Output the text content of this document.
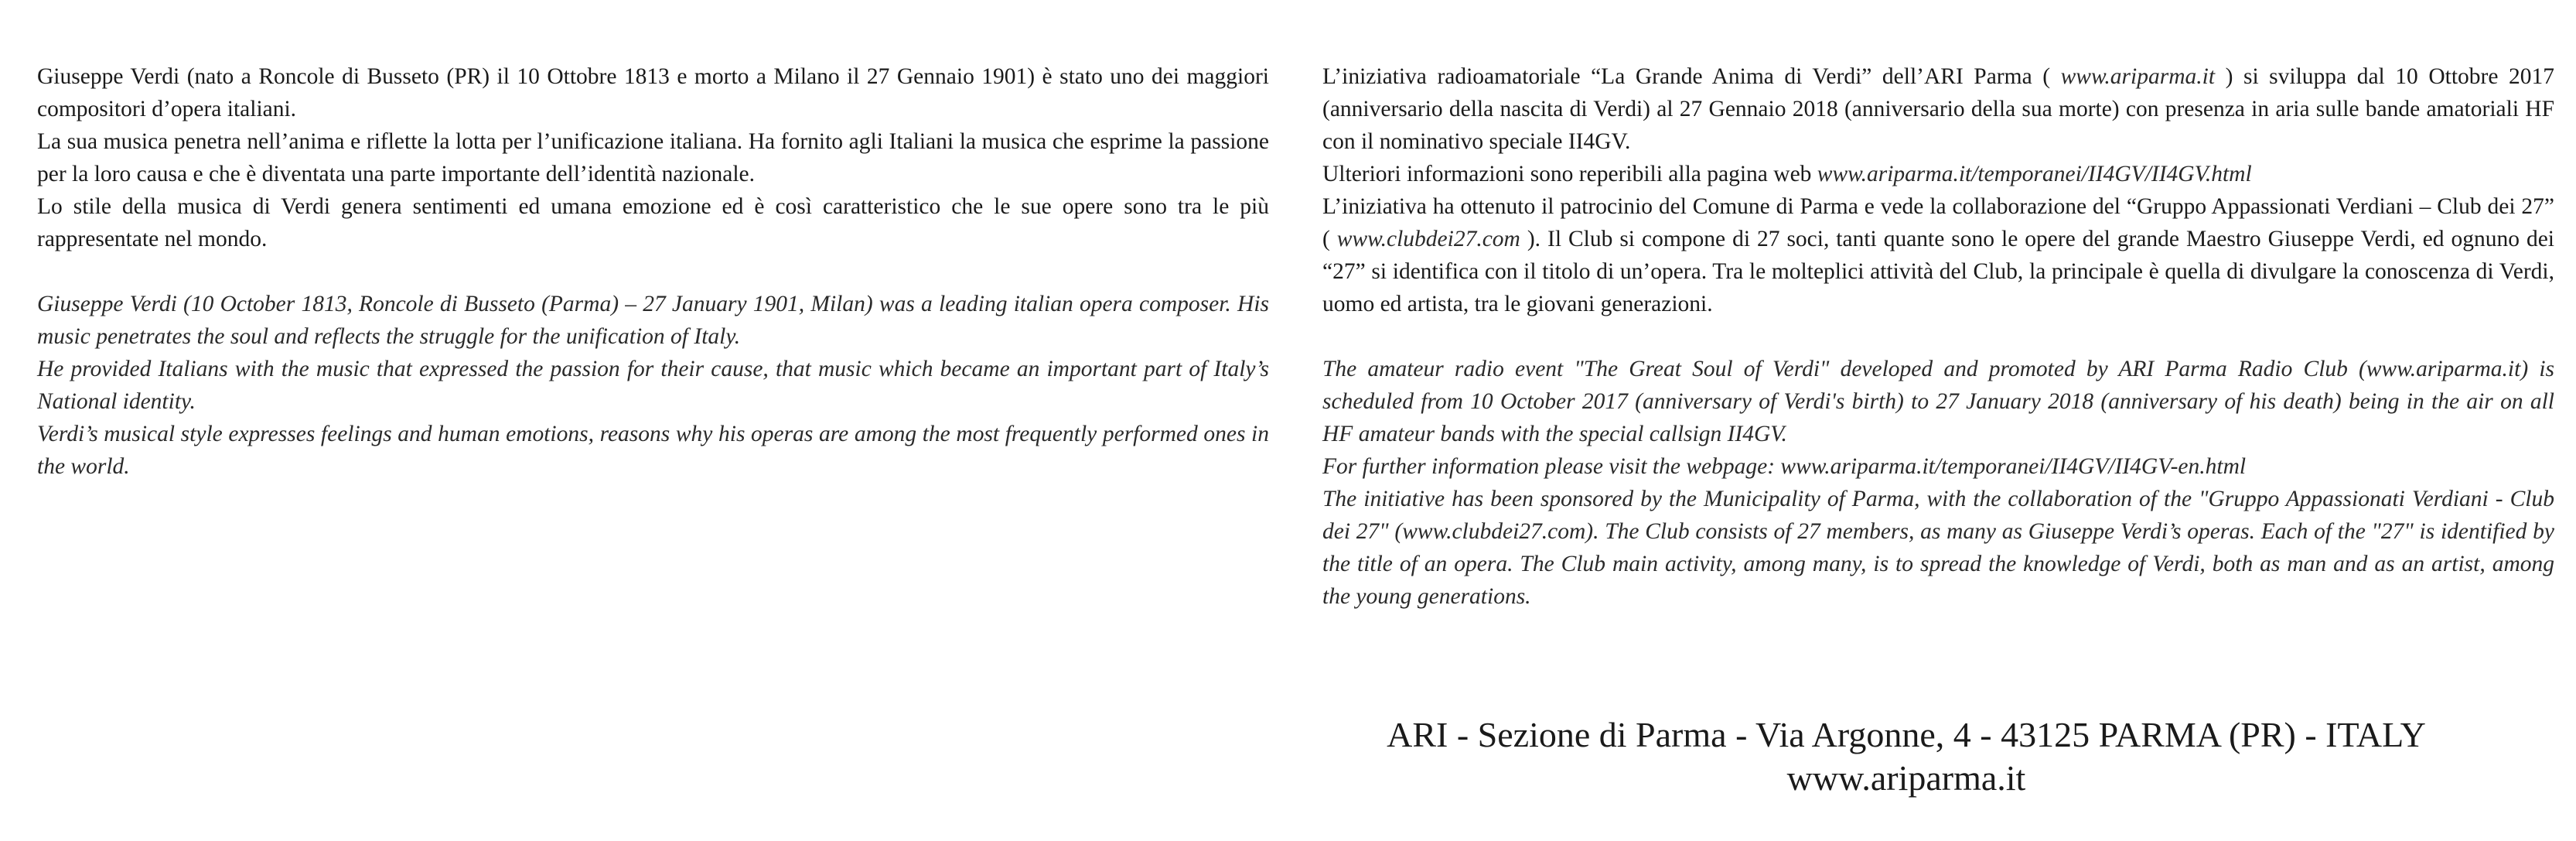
Giuseppe Verdi (nato a Roncole di Busseto (PR) il 10 Ottobre 1813 e morto a Milano il 27 Gennaio 1901) è stato uno dei maggiori compositori d’opera italiani.

La sua musica penetra nell’anima e riflette la lotta per l’unificazione italiana. Ha fornito agli Italiani la musica che esprime la passione per la loro causa e che è diventata una parte importante dell’identità nazionale.

Lo stile della musica di Verdi genera sentimenti ed umana emozione ed è così caratteristico che le sue opere sono tra le più rappresentate nel mondo.

Giuseppe Verdi (10 October 1813, Roncole di Busseto (Parma) – 27 January 1901, Milan) was a leading italian opera composer. His music penetrates the soul and reflects the struggle for the unification of Italy.

He provided Italians with the music that expressed the passion for their cause, that music which became an important part of Italy’s National identity.

Verdi’s musical style expresses feelings and human emotions, reasons why his operas are among the most frequently performed ones in the world.

L’iniziativa radioamatoriale “La Grande Anima di Verdi” dell’ARI Parma ( www.ariparma.it ) si sviluppa dal 10 Ottobre 2017 (anniversario della nascita di Verdi) al 27 Gennaio 2018 (anniversario della sua morte) con presenza in aria sulle bande amatoriali HF con il nominativo speciale II4GV.

Ulteriori informazioni sono reperibili alla pagina web www.ariparma.it/temporanei/II4GV/II4GV.html

L’iniziativa ha ottenuto il patrocinio del Comune di Parma e vede la collaborazione del “Gruppo Appassionati Verdiani – Club dei 27” ( www.clubdei27.com ). Il Club si compone di 27 soci, tanti quante sono le opere del grande Maestro Giuseppe Verdi, ed ognuno dei “27” si identifica con il titolo di un’opera. Tra le molteplici attività del Club, la principale è quella di divulgare la conoscenza di Verdi, uomo ed artista, tra le giovani generazioni.

The amateur radio event "The Great Soul of Verdi" developed and promoted by ARI Parma Radio Club (www.ariparma.it) is scheduled from 10 October 2017 (anniversary of Verdi's birth) to 27 January 2018 (anniversary of his death) being in the air on all HF amateur bands with the special callsign II4GV.

For further information please visit the webpage: www.ariparma.it/temporanei/II4GV/II4GV-en.html

The initiative has been sponsored by the Municipality of Parma, with the collaboration of the "Gruppo Appassionati Verdiani - Club dei 27" (www.clubdei27.com). The Club consists of 27 members, as many as Giuseppe Verdi’s operas. Each of the "27" is identified by the title of an opera. The Club main activity, among many, is to spread the knowledge of Verdi, both as man and as an artist, among the young generations.

ARI - Sezione di Parma - Via Argonne, 4 - 43125 PARMA (PR) - ITALY

www.ariparma.it
